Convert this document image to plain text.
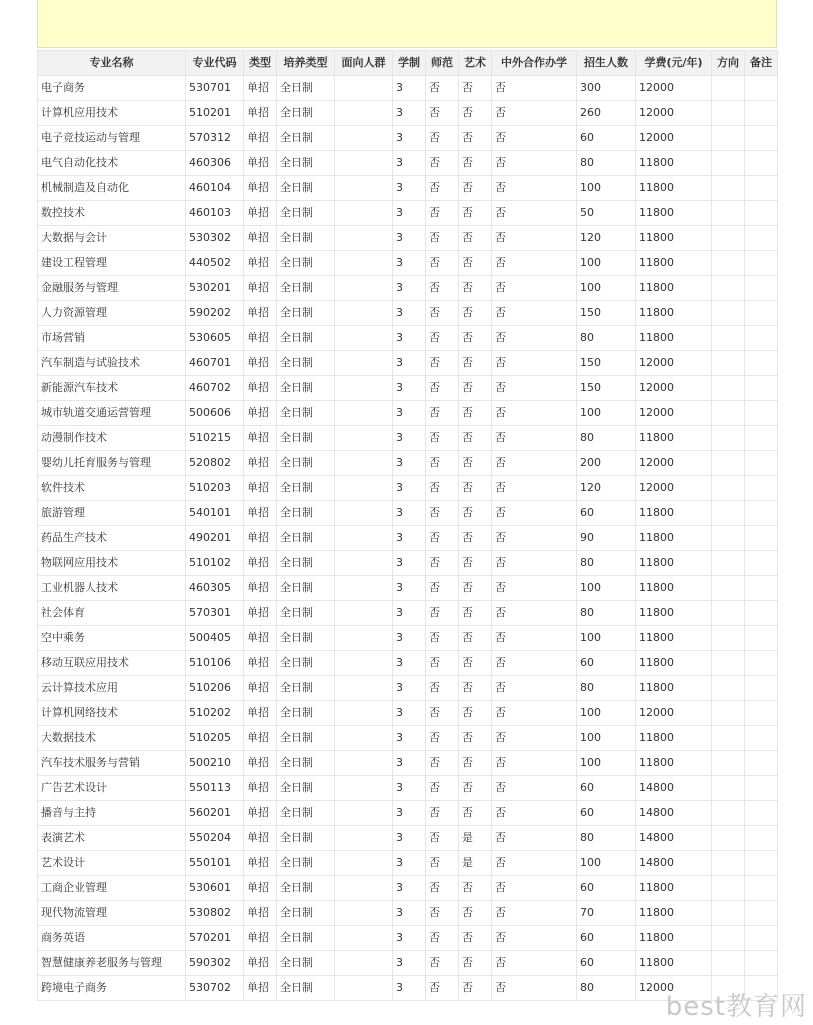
专业名称	专业代码	类型	培养类型	面向人群	学制	师范	艺术	中外合作办学	招生人数	学费(元/年)	方向	备注
电子商务	530701	单招	全日制		3	否	否	否	300	12000		
计算机应用技术	510201	单招	全日制		3	否	否	否	260	12000		
电子竞技运动与管理	570312	单招	全日制		3	否	否	否	60	12000		
电气自动化技术	460306	单招	全日制		3	否	否	否	80	11800		
机械制造及自动化	460104	单招	全日制		3	否	否	否	100	11800		
数控技术	460103	单招	全日制		3	否	否	否	50	11800		
大数据与会计	530302	单招	全日制		3	否	否	否	120	11800		
建设工程管理	440502	单招	全日制		3	否	否	否	100	11800		
金融服务与管理	530201	单招	全日制		3	否	否	否	100	11800		
人力资源管理	590202	单招	全日制		3	否	否	否	150	11800		
市场营销	530605	单招	全日制		3	否	否	否	80	11800		
汽车制造与试验技术	460701	单招	全日制		3	否	否	否	150	12000		
新能源汽车技术	460702	单招	全日制		3	否	否	否	150	12000		
城市轨道交通运营管理	500606	单招	全日制		3	否	否	否	100	12000		
动漫制作技术	510215	单招	全日制		3	否	否	否	80	11800		
婴幼儿托育服务与管理	520802	单招	全日制		3	否	否	否	200	12000		
软件技术	510203	单招	全日制		3	否	否	否	120	12000		
旅游管理	540101	单招	全日制		3	否	否	否	60	11800		
药品生产技术	490201	单招	全日制		3	否	否	否	90	11800		
物联网应用技术	510102	单招	全日制		3	否	否	否	80	11800		
工业机器人技术	460305	单招	全日制		3	否	否	否	100	11800		
社会体育	570301	单招	全日制		3	否	否	否	80	11800		
空中乘务	500405	单招	全日制		3	否	否	否	100	11800		
移动互联应用技术	510106	单招	全日制		3	否	否	否	60	11800		
云计算技术应用	510206	单招	全日制		3	否	否	否	80	11800		
计算机网络技术	510202	单招	全日制		3	否	否	否	100	12000		
大数据技术	510205	单招	全日制		3	否	否	否	100	11800		
汽车技术服务与营销	500210	单招	全日制		3	否	否	否	100	11800		
广告艺术设计	550113	单招	全日制		3	否	否	否	60	14800		
播音与主持	560201	单招	全日制		3	否	否	否	60	14800		
表演艺术	550204	单招	全日制		3	否	是	否	80	14800		
艺术设计	550101	单招	全日制		3	否	是	否	100	14800		
工商企业管理	530601	单招	全日制		3	否	否	否	60	11800		
现代物流管理	530802	单招	全日制		3	否	否	否	70	11800		
商务英语	570201	单招	全日制		3	否	否	否	60	11800		
智慧健康养老服务与管理	590302	单招	全日制		3	否	否	否	60	11800		
跨境电子商务	530702	单招	全日制		3	否	否	否	80	12000		
best教育网
